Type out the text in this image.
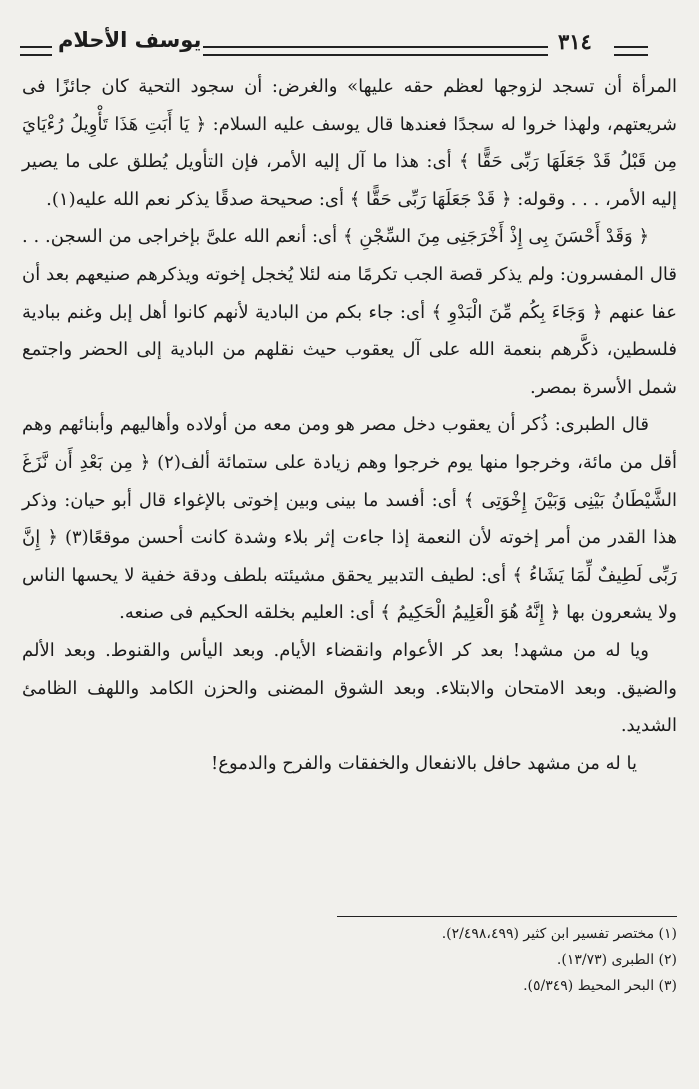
يوسف الأحلام	٣١٤

المرأة أن تسجد لزوجها لعظم حقه عليها» والغرض: أن سجود التحية كان جائزًا فى شريعتهم، ولهذا خروا له سجدًا فعندها قال يوسف عليه السلام: ﴿ يَا أَبَتِ هَذَا تَأْوِيلُ رُءْيَايَ مِن قَبْلُ قَدْ جَعَلَهَا رَبِّى حَقًّا ﴾ أى: هذا ما آل إليه الأمر، فإن التأويل يُطلق على ما يصير إليه الأمر، . . . وقوله: ﴿ قَدْ جَعَلَهَا رَبِّى حَقًّا ﴾ أى: صحيحة صدقًا يذكر نعم الله عليه(١).

﴿ وَقَدْ أَحْسَنَ بِى إِذْ أَخْرَجَنِى مِنَ السِّجْنِ ﴾ أى: أنعم الله علىَّ بإخراجى من السجن. . . قال المفسرون: ولم يذكر قصة الجب تكرمًا منه لئلا يُخجل إخوته ويذكرهم صنيعهم بعد أن عفا عنهم ﴿ وَجَاءَ بِكُم مِّنَ الْبَدْوِ ﴾ أى: جاء بكم من البادية لأنهم كانوا أهل إبل وغنم ببادية فلسطين، ذكَّرهم بنعمة الله على آل يعقوب حيث نقلهم من البادية إلى الحضر واجتمع شمل الأسرة بمصر.

قال الطبرى: ذُكر أن يعقوب دخل مصر هو ومن معه من أولاده وأهاليهم وأبنائهم وهم أقل من مائة، وخرجوا منها يوم خرجوا وهم زيادة على ستمائة ألف(٢) ﴿ مِن بَعْدِ أَن نَّزَغَ الشَّيْطَانُ بَيْنِى وَبَيْنَ إِخْوَتِى ﴾ أى: أفسد ما بينى وبين إخوتى بالإغواء قال أبو حيان: وذكر هذا القدر من أمر إخوته لأن النعمة إذا جاءت إثر بلاء وشدة كانت أحسن موقعًا(٣) ﴿ إِنَّ رَبِّى لَطِيفٌ لِّمَا يَشَاءُ ﴾ أى: لطيف التدبير يحقق مشيئته بلطف ودقة خفية لا يحسها الناس ولا يشعرون بها ﴿ إِنَّهُ هُوَ الْعَلِيمُ الْحَكِيمُ ﴾ أى: العليم بخلقه الحكيم فى صنعه.

ويا له من مشهد! بعد كر الأعوام وانقضاء الأيام. وبعد اليأس والقنوط. وبعد الألم والضيق. وبعد الامتحان والابتلاء. وبعد الشوق المضنى والحزن الكامد واللهف الظامئ الشديد.

يا له من مشهد حافل بالانفعال والخفقات والفرح والدموع!

(١) مختصر تفسير ابن كثير (٢/٤٩٨،٤٩٩).
(٢) الطبرى (١٣/٧٣).
(٣) البحر المحيط (٥/٣٤٩).
